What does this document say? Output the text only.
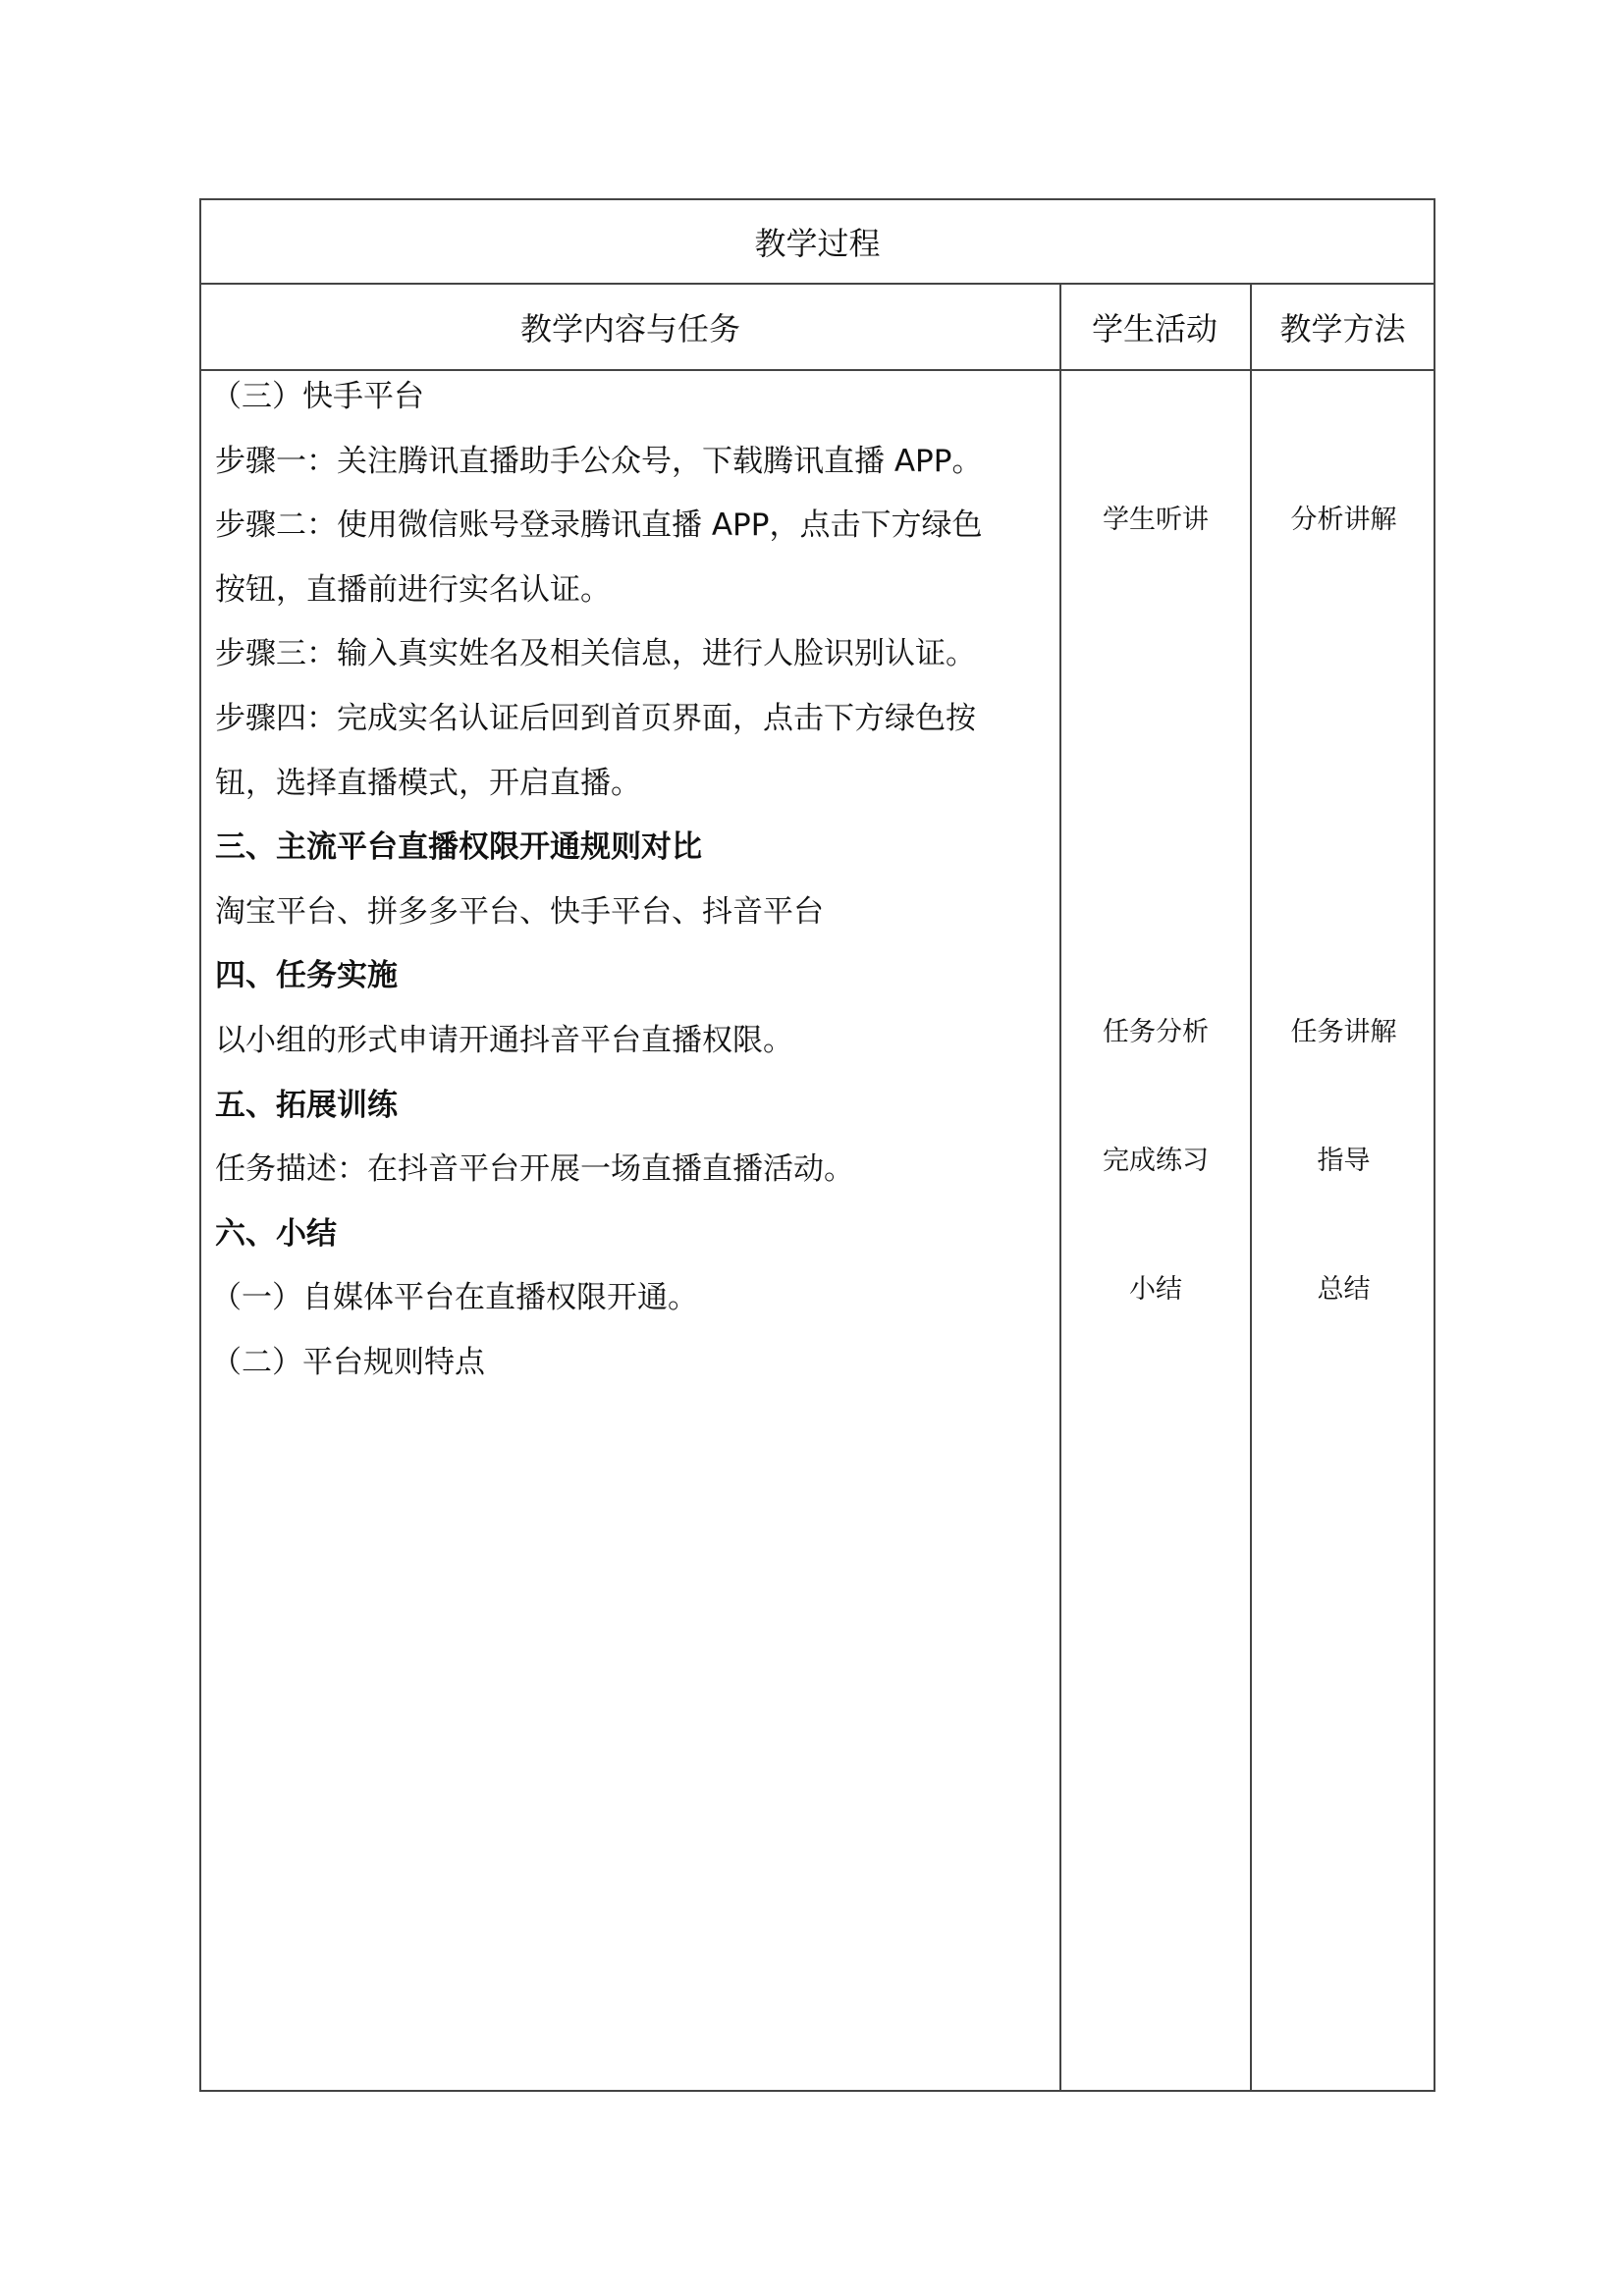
教学过程
教学内容与任务	学生活动	教学方法
（三）快手平台
步骤一：关注腾讯直播助手公众号，下载腾讯直播 APP。
步骤二：使用微信账号登录腾讯直播 APP，点击下方绿色
按钮，直播前进行实名认证。
步骤三：输入真实姓名及相关信息，进行人脸识别认证。
步骤四：完成实名认证后回到首页界面，点击下方绿色按
钮，选择直播模式，开启直播。
三、主流平台直播权限开通规则对比
淘宝平台、拼多多平台、快手平台、抖音平台
四、任务实施
以小组的形式申请开通抖音平台直播权限。
五、拓展训练
任务描述：在抖音平台开展一场直播直播活动。
六、小结
（一）自媒体平台在直播权限开通。
（二）平台规则特点
学生听讲
任务分析
完成练习
小结
分析讲解
任务讲解
指导
总结
